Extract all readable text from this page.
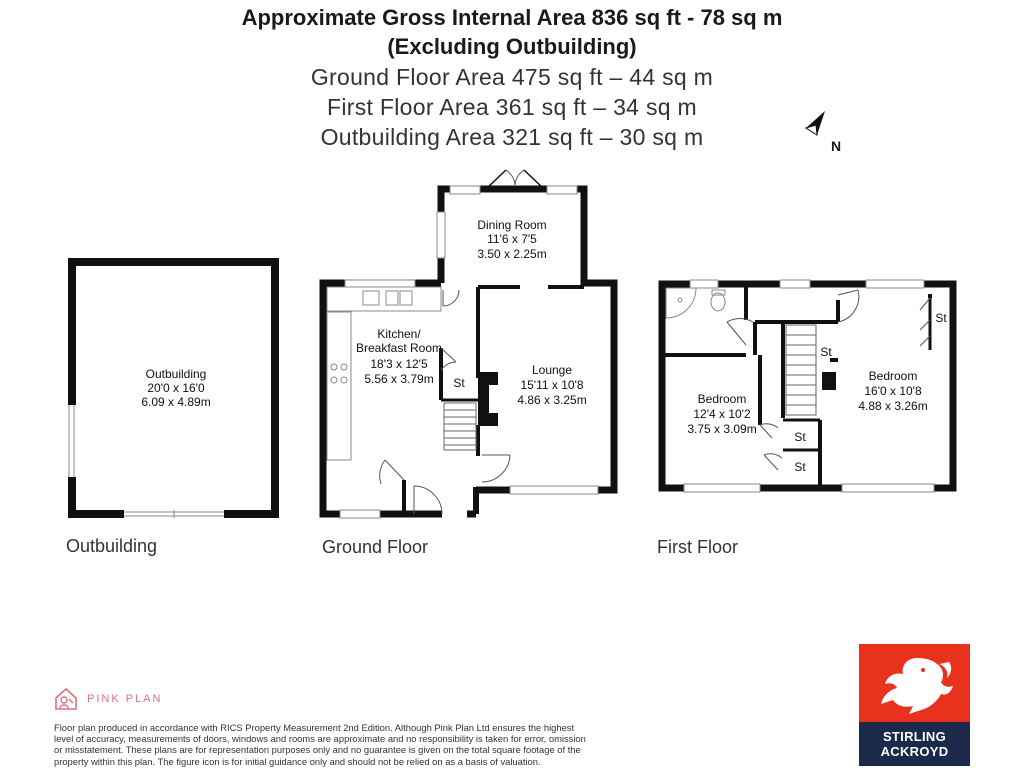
Approximate Gross Internal Area 836 sq ft - 78 sq m
(Excluding Outbuilding)
Ground Floor Area 475 sq ft – 44 sq m
First Floor Area 361 sq ft – 34 sq m
Outbuilding Area 321 sq ft – 30 sq m	N
Outbuilding
20'0 x 16'0
6.09 x 4.89m
Dining Room
11'6 x 7'5
3.50 x 2.25m
Kitchen/
Breakfast Room
18'3 x 12'5
5.56 x 3.79m
Lounge
15'11 x 10'8
4.86 x 3.25m
St
Bedroom
12'4 x 10'2
3.75 x 3.09m
Bedroom
16'0 x 10'8
4.88 x 3.26m
St
St
St
St
Outbuilding	Ground Floor	First Floor
PINK PLAN
Floor plan produced in accordance with RICS Property Measurement 2nd Edition. Although Pink Plan Ltd ensures the highest level of accuracy, measurements of doors, windows and rooms are approximate and no responsibility is taken for error, omission or misstatement. These plans are for representation purposes only and no guarantee is given on the total square footage of the property within this plan. The figure icon is for initial guidance only and should not be relied on as a basis of valuation.
STIRLING
ACKROYD
